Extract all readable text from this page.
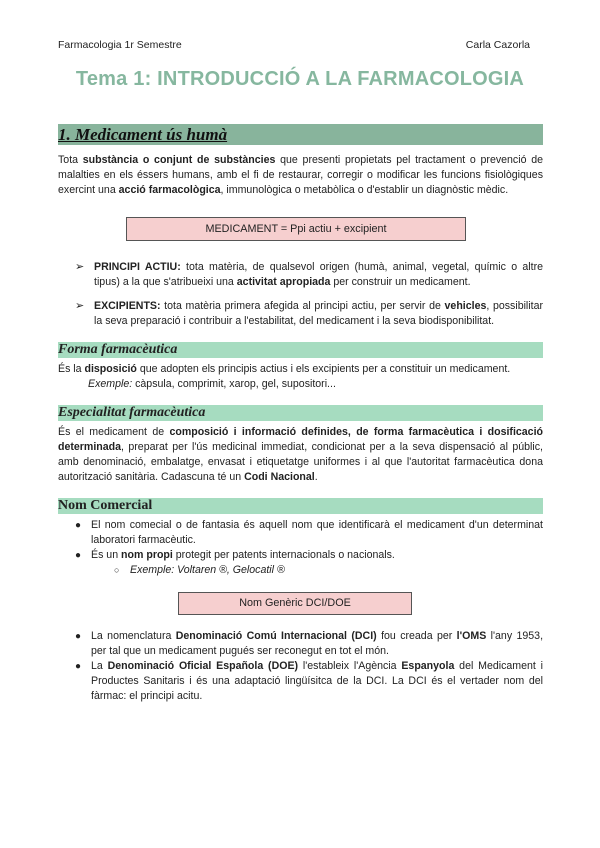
Farmacologia 1r Semestre	Carla Cazorla
Tema 1: INTRODUCCIÓ A LA FARMACOLOGIA
1. Medicament ús humà

Tota substància o conjunt de substàncies que presenti propietats pel tractament o prevenció de malalties en els éssers humans, amb el fi de restaurar, corregir o modificar les funcions fisiològiques exercint una acció farmacològica, immunològica o metabòlica o d'establir un diagnòstic mèdic.

MEDICAMENT = Ppi actiu + excipient
➢ PRINCIPI ACTIU: tota matèria, de qualsevol origen (humà, animal, vegetal, químic o altre tipus) a la que s'atribueixi una activitat apropiada per construir un medicament.
➢ EXCIPIENTS: tota matèria primera afegida al principi actiu, per servir de vehicles, possibilitar la seva preparació i contribuir a l'estabilitat, del medicament i la seva biodisponibilitat.
Forma farmacèutica

És la disposició que adopten els principis actius i els excipients per a constituir un medicament.

Exemple: càpsula, comprimit, xarop, gel, supositori...
Especialitat farmacèutica

És el medicament de composició i informació definides, de forma farmacèutica i dosificació determinada, preparat per l'ús medicinal immediat, condicionat per a la seva dispensació al públic, amb denominació, embalatge, envasat i etiquetatge uniformes i al que l'autoritat farmacèutica dona autorització sanitària. Cadascuna té un Codi Nacional.

Nom Comercial
● El nom comecial o de fantasia és aquell nom que identificarà el medicament d'un determinat laboratori farmacèutic.
● És un nom propi protegit per patents internacionals o nacionals.
○ Exemple: Voltaren ®, Gelocatil ®
Nom Genèric DCI/DOE
● La nomenclatura Denominació Comú Internacional (DCI) fou creada per l'OMS l'any 1953, per tal que un medicament pugués ser reconegut en tot el món.
● La Denominació Oficial Española (DOE) l'estableix l'Agència Espanyola del Medicament i Productes Sanitaris i és una adaptació lingüísitca de la DCI. La DCI és el vertader nom del fàrmac: el principi acitu.
